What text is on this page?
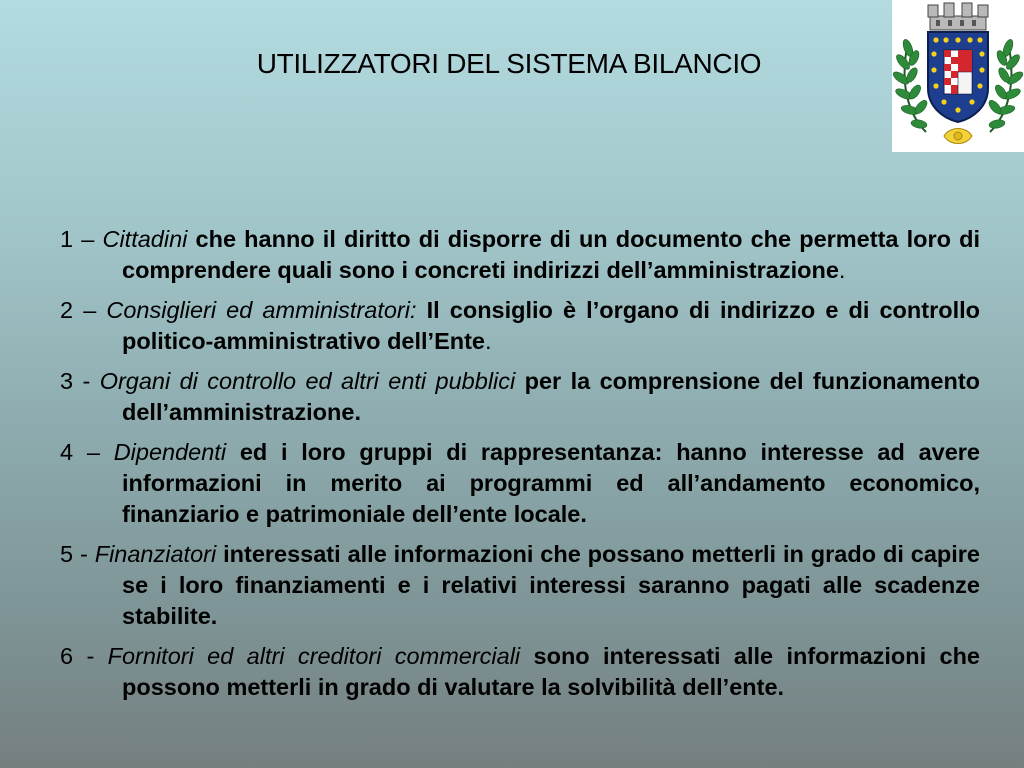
UTILIZZATORI DEL SISTEMA BILANCIO
1 – Cittadini che hanno il diritto di disporre di un documento che permetta loro di comprendere quali sono i concreti indirizzi dell’amministrazione.
2 – Consiglieri ed amministratori: Il consiglio è l’organo di indirizzo e di controllo politico-amministrativo dell’Ente.
3 - Organi di controllo ed altri enti pubblici per la comprensione del funzionamento dell’amministrazione.
4 – Dipendenti ed i loro gruppi di rappresentanza: hanno interesse ad avere informazioni in merito ai programmi ed all’andamento economico, finanziario e patrimoniale dell’ente locale.
5 - Finanziatori interessati alle informazioni che possano metterli in grado di capire se i loro finanziamenti e i relativi interessi saranno pagati alle scadenze stabilite.
6 - Fornitori ed altri creditori commerciali sono interessati alle informazioni che possono metterli in grado di valutare la solvibilità dell’ente.
